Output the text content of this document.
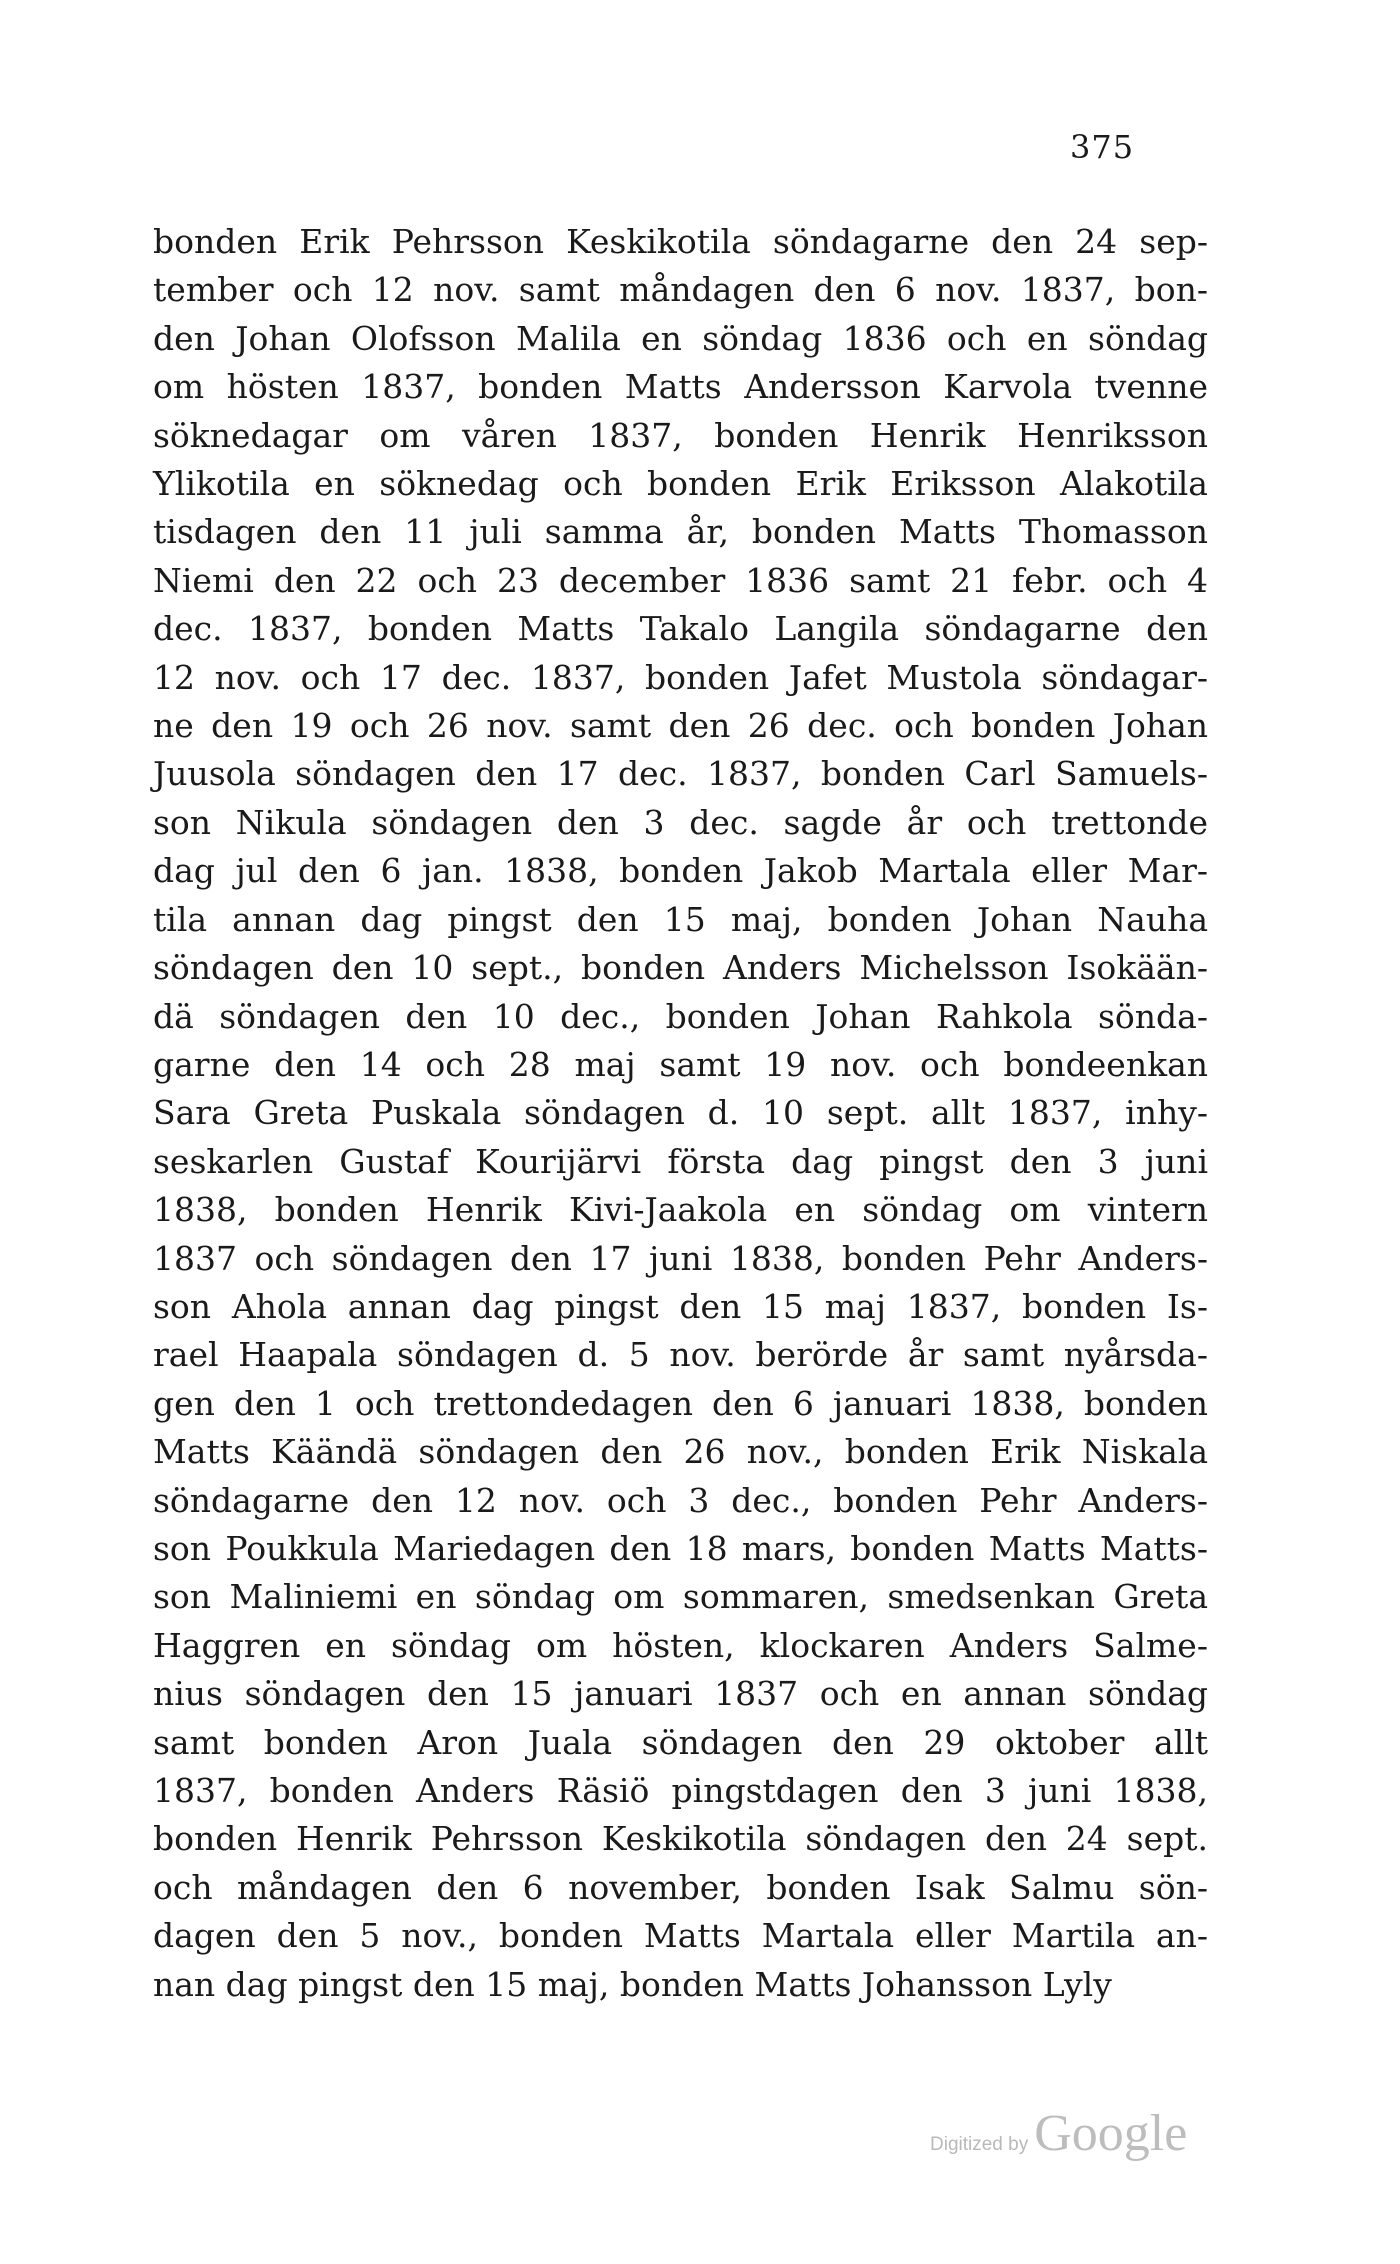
375
bonden Erik Pehrsson Keskikotila söndagarne den 24 sep-
tember och 12 nov. samt måndagen den 6 nov. 1837, bon-
den Johan Olofsson Malila en söndag 1836 och en söndag
om hösten 1837, bonden Matts Andersson Karvola tvenne
söknedagar om våren 1837, bonden Henrik Henriksson
Ylikotila en söknedag och bonden Erik Eriksson Alakotila
tisdagen den 11 juli samma år, bonden Matts Thomasson
Niemi den 22 och 23 december 1836 samt 21 febr. och 4
dec. 1837, bonden Matts Takalo Langila söndagarne den
12 nov. och 17 dec. 1837, bonden Jafet Mustola söndagar-
ne den 19 och 26 nov. samt den 26 dec. och bonden Johan
Juusola söndagen den 17 dec. 1837, bonden Carl Samuels-
son Nikula söndagen den 3 dec. sagde år och trettonde
dag jul den 6 jan. 1838, bonden Jakob Martala eller Mar-
tila annan dag pingst den 15 maj, bonden Johan Nauha
söndagen den 10 sept., bonden Anders Michelsson Isokään-
dä söndagen den 10 dec., bonden Johan Rahkola sönda-
garne den 14 och 28 maj samt 19 nov. och bondeenkan
Sara Greta Puskala söndagen d. 10 sept. allt 1837, inhy-
seskarlen Gustaf Kourijärvi första dag pingst den 3 juni
1838, bonden Henrik Kivi-Jaakola en söndag om vintern
1837 och söndagen den 17 juni 1838, bonden Pehr Anders-
son Ahola annan dag pingst den 15 maj 1837, bonden Is-
rael Haapala söndagen d. 5 nov. berörde år samt nyårsda-
gen den 1 och trettondedagen den 6 januari 1838, bonden
Matts Käändä söndagen den 26 nov., bonden Erik Niskala
söndagarne den 12 nov. och 3 dec., bonden Pehr Anders-
son Poukkula Mariedagen den 18 mars, bonden Matts Matts-
son Maliniemi en söndag om sommaren, smedsenkan Greta
Haggren en söndag om hösten, klockaren Anders Salme-
nius söndagen den 15 januari 1837 och en annan söndag
samt bonden Aron Juala söndagen den 29 oktober allt
1837, bonden Anders Räsiö pingstdagen den 3 juni 1838,
bonden Henrik Pehrsson Keskikotila söndagen den 24 sept.
och måndagen den 6 november, bonden Isak Salmu sön-
dagen den 5 nov., bonden Matts Martala eller Martila an-
nan dag pingst den 15 maj, bonden Matts Johansson Lyly
Digitized by Google
